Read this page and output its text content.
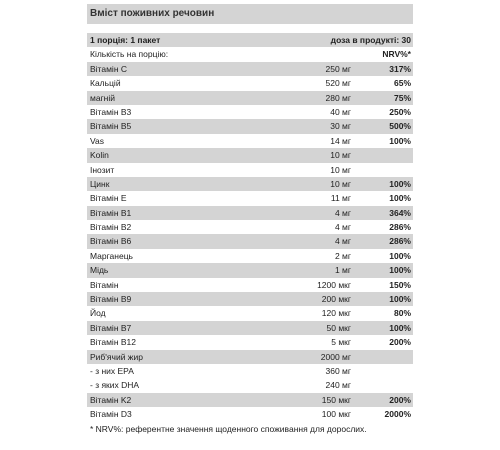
Вміст поживних речовин
1 порція: 1 пакет	доза в продукті: 30
Кількість на порцію:	NRV%*
Вітамін C	250 мг	317%
Кальцій	520 мг	65%
магній	280 мг	75%
Вітамін B3	40 мг	250%
Вітамін B5	30 мг	500%
Vas	14 мг	100%
Kolin	10 мг
Інозит	10 мг
Цинк	10 мг	100%
Вітамін E	11 мг	100%
Вітамін B1	4 мг	364%
Вітамін B2	4 мг	286%
Вітамін B6	4 мг	286%
Марганець	2 мг	100%
Мідь	1 мг	100%
Вітамін	1200 мкг	150%
Вітамін B9	200 мкг	100%
Йод	120 мкг	80%
Вітамін B7	50 мкг	100%
Вітамін B12	5 мкг	200%
Риб'ячий жир	2000 мг
- з них EPA	360 мг
- з яких DHA	240 мг
Вітамін K2	150 мкг	200%
Вітамін D3	100 мкг	2000%
* NRV%: референтне значення щоденного споживання для дорослих.
